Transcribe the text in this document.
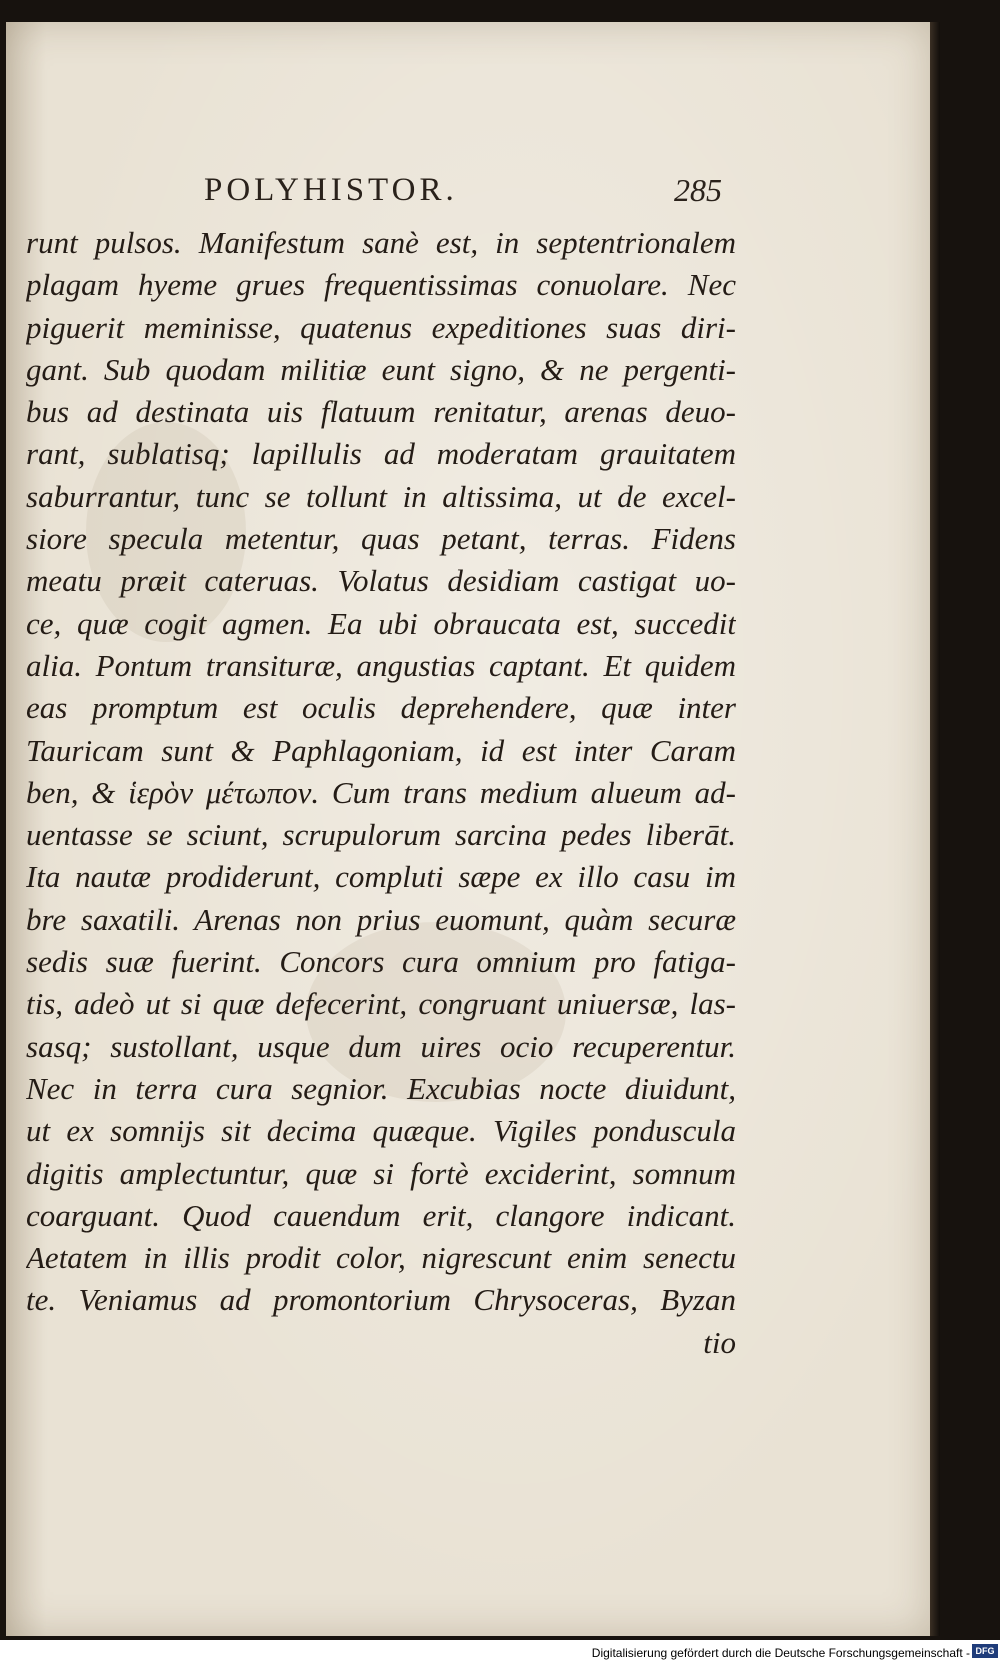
POLYHISTOR.	285
runt pulsos. Manifestum sanè est, in septentrionalem
plagam hyeme grues frequentissimas conuolare. Nec
piguerit meminisse, quatenus expeditiones suas diri-
gant. Sub quodam militiæ eunt signo, & ne pergenti-
bus ad destinata uis flatuum renitatur, arenas deuo-
rant, sublatisq; lapillulis ad moderatam grauitatem
saburrantur, tunc se tollunt in altissima, ut de excel-
siore specula metentur, quas petant, terras. Fidens
meatu præit cateruas. Volatus desidiam castigat uo-
ce, quæ cogit agmen. Ea ubi obraucata est, succedit
alia. Pontum transituræ, angustias captant. Et quidem
eas promptum est oculis deprehendere, quæ inter
Tauricam sunt & Paphlagoniam, id est inter Caram
ben, & ἱερὸν μέτωπον. Cum trans medium alueum ad-
uentasse se sciunt, scrupulorum sarcina pedes liberāt.
Ita nautæ prodiderunt, compluti sæpe ex illo casu im
bre saxatili. Arenas non prius euomunt, quàm securæ
sedis suæ fuerint. Concors cura omnium pro fatiga-
tis, adeò ut si quæ defecerint, congruant uniuersæ, las-
sasq; sustollant, usque dum uires ocio recuperentur.
Nec in terra cura segnior. Excubias nocte diuidunt,
ut ex somnijs sit decima quæque. Vigiles ponduscula
digitis amplectuntur, quæ si fortè exciderint, somnum
coarguant. Quod cauendum erit, clangore indicant.
Aetatem in illis prodit color, nigrescunt enim senectu
te. Veniamus ad promontorium Chrysoceras, Byzan
tio
Digitalisierung gefördert durch die Deutsche Forschungsgemeinschaft - DFG
